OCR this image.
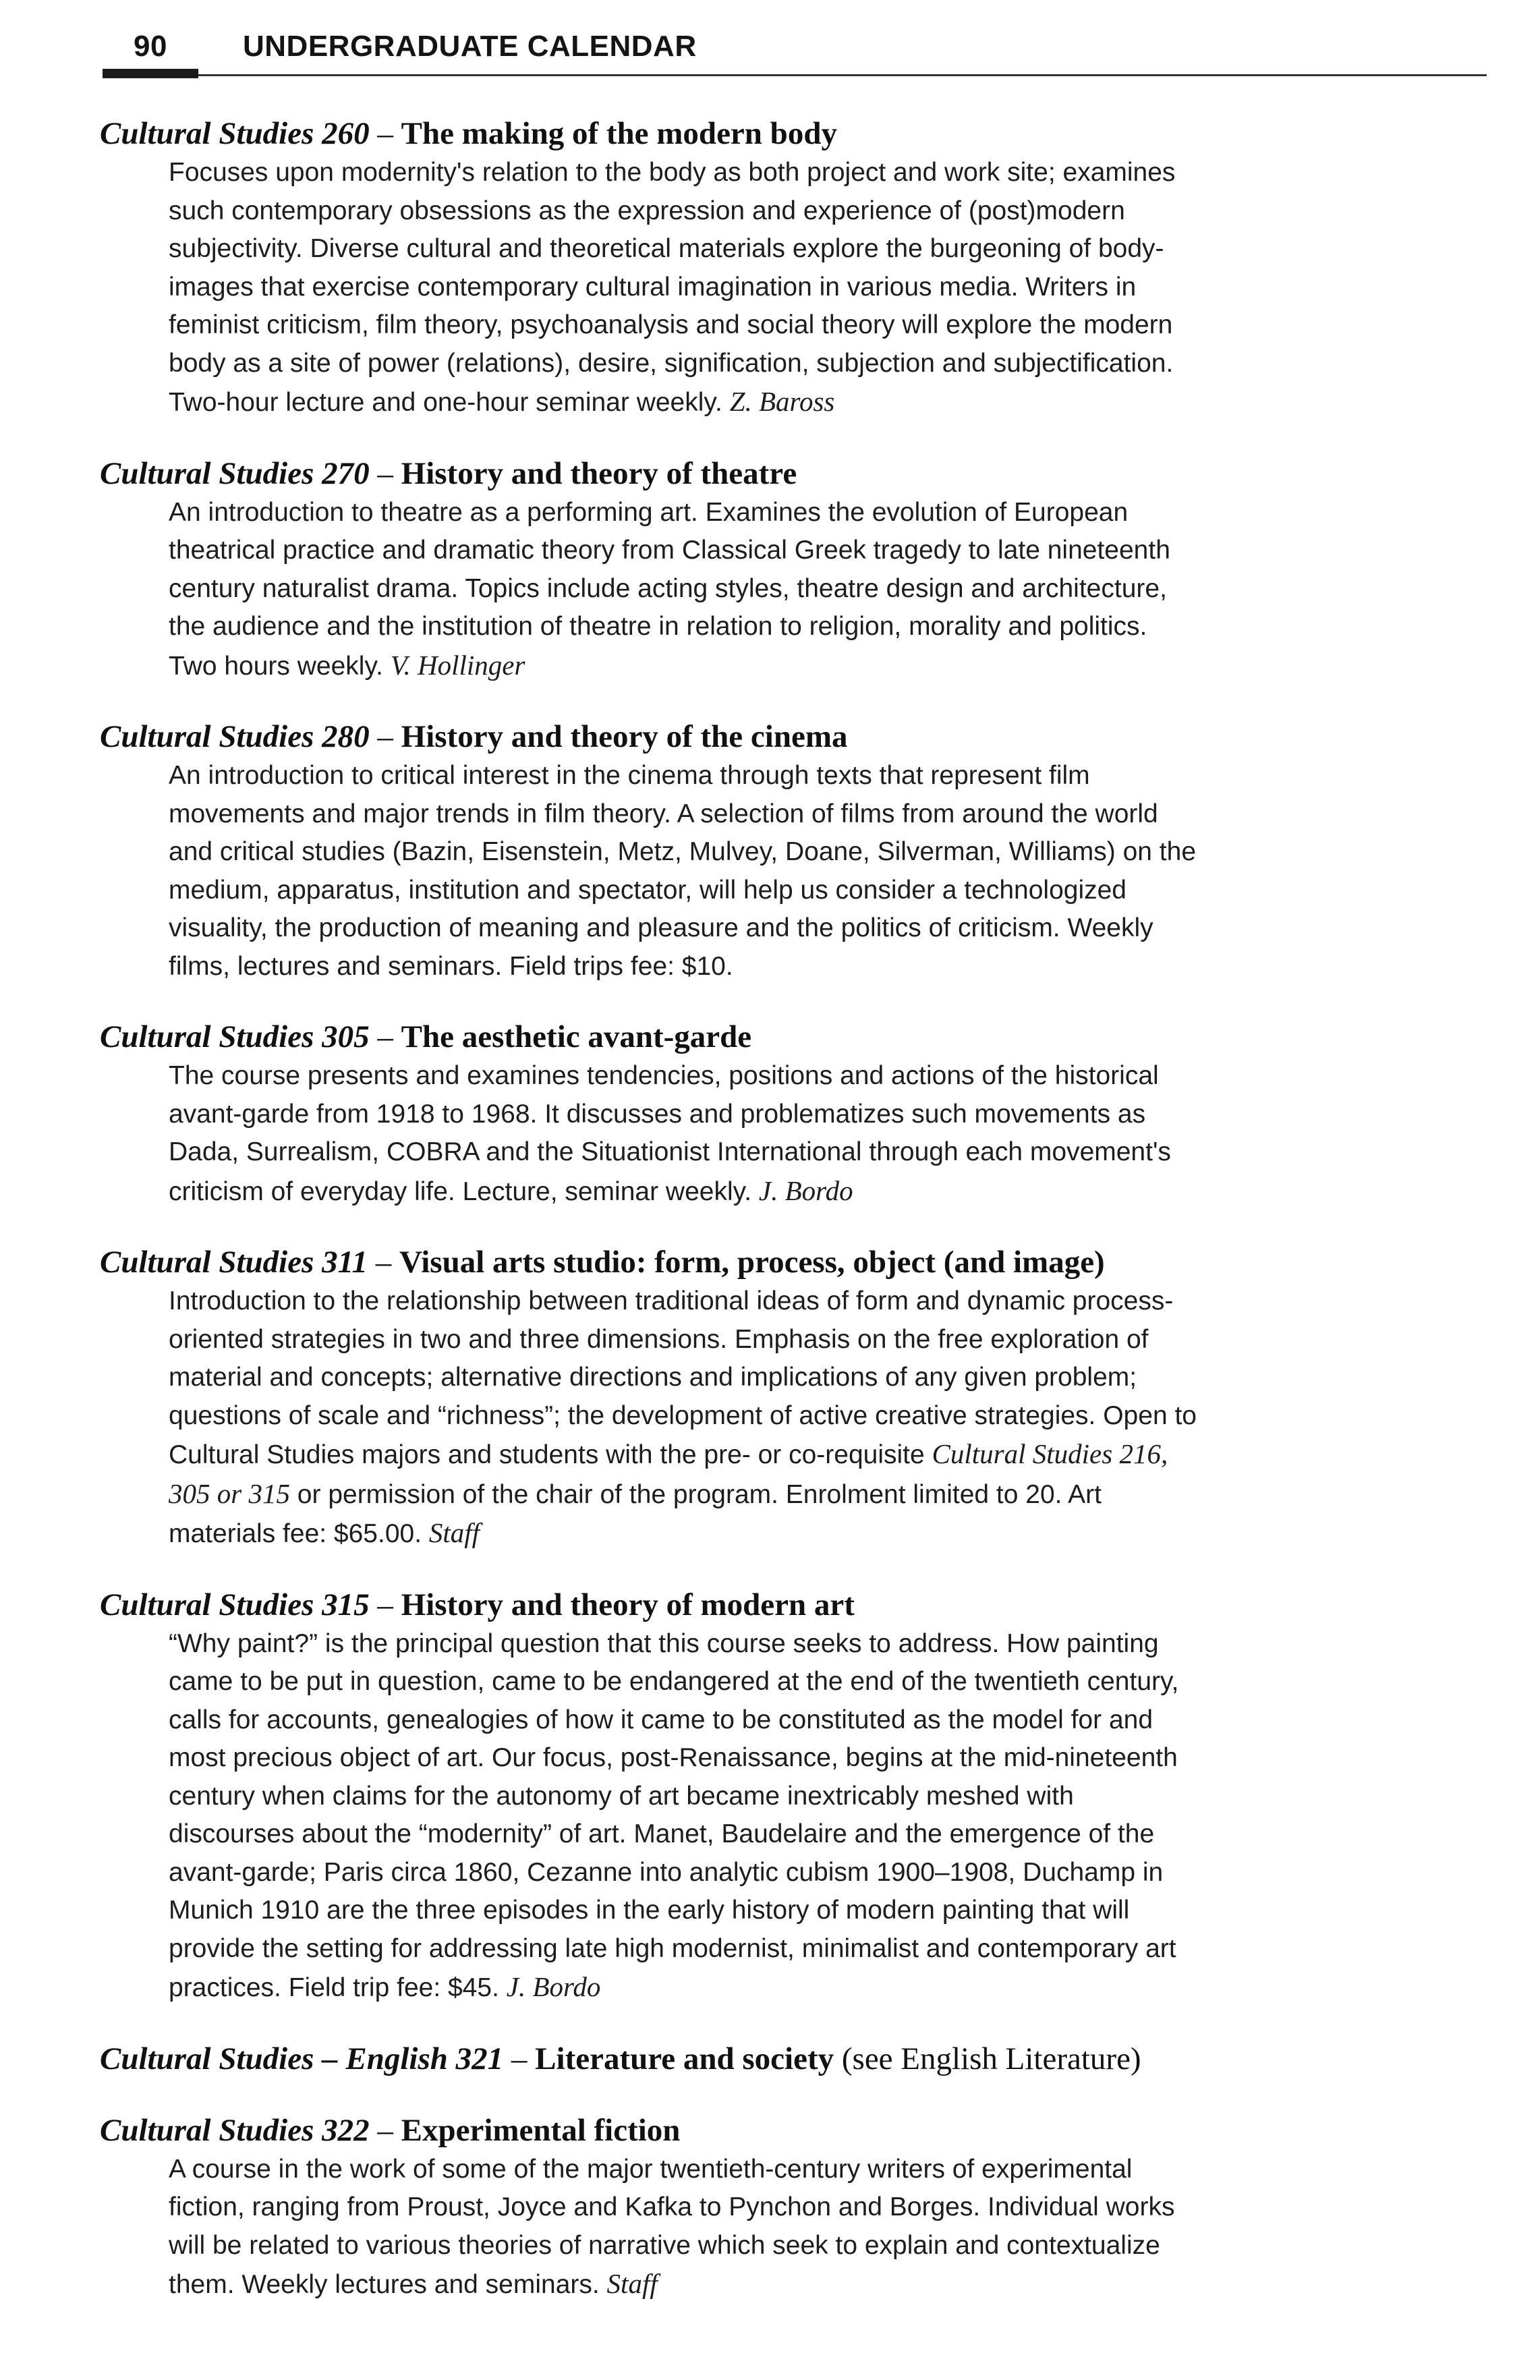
90	UNDERGRADUATE CALENDAR
Cultural Studies 260 – The making of the modern body
Focuses upon modernity's relation to the body as both project and work site; examines
such contemporary obsessions as the expression and experience of (post)modern
subjectivity. Diverse cultural and theoretical materials explore the burgeoning of body-
images that exercise contemporary cultural imagination in various media. Writers in
feminist criticism, film theory, psychoanalysis and social theory will explore the modern
body as a site of power (relations), desire, signification, subjection and subjectification.
Two-hour lecture and one-hour seminar weekly. Z. Baross
Cultural Studies 270 – History and theory of theatre
An introduction to theatre as a performing art. Examines the evolution of European
theatrical practice and dramatic theory from Classical Greek tragedy to late nineteenth
century naturalist drama. Topics include acting styles, theatre design and architecture,
the audience and the institution of theatre in relation to religion, morality and politics.
Two hours weekly. V. Hollinger
Cultural Studies 280 – History and theory of the cinema
An introduction to critical interest in the cinema through texts that represent film
movements and major trends in film theory. A selection of films from around the world
and critical studies (Bazin, Eisenstein, Metz, Mulvey, Doane, Silverman, Williams) on the
medium, apparatus, institution and spectator, will help us consider a technologized
visuality, the production of meaning and pleasure and the politics of criticism. Weekly
films, lectures and seminars. Field trips fee: $10.
Cultural Studies 305 – The aesthetic avant-garde
The course presents and examines tendencies, positions and actions of the historical
avant-garde from 1918 to 1968. It discusses and problematizes such movements as
Dada, Surrealism, COBRA and the Situationist International through each movement's
criticism of everyday life. Lecture, seminar weekly. J. Bordo
Cultural Studies 311 – Visual arts studio: form, process, object (and image)
Introduction to the relationship between traditional ideas of form and dynamic process-
oriented strategies in two and three dimensions. Emphasis on the free exploration of
material and concepts; alternative directions and implications of any given problem;
questions of scale and “richness”; the development of active creative strategies. Open to
Cultural Studies majors and students with the pre- or co-requisite Cultural Studies 216,
305 or 315 or permission of the chair of the program. Enrolment limited to 20. Art
materials fee: $65.00. Staff
Cultural Studies 315 – History and theory of modern art
“Why paint?” is the principal question that this course seeks to address. How painting
came to be put in question, came to be endangered at the end of the twentieth century,
calls for accounts, genealogies of how it came to be constituted as the model for and
most precious object of art. Our focus, post-Renaissance, begins at the mid-nineteenth
century when claims for the autonomy of art became inextricably meshed with
discourses about the “modernity” of art. Manet, Baudelaire and the emergence of the
avant-garde; Paris circa 1860, Cezanne into analytic cubism 1900–1908, Duchamp in
Munich 1910 are the three episodes in the early history of modern painting that will
provide the setting for addressing late high modernist, minimalist and contemporary art
practices. Field trip fee: $45. J. Bordo
Cultural Studies – English 321 – Literature and society (see English Literature)
Cultural Studies 322 – Experimental fiction
A course in the work of some of the major twentieth-century writers of experimental
fiction, ranging from Proust, Joyce and Kafka to Pynchon and Borges. Individual works
will be related to various theories of narrative which seek to explain and contextualize
them. Weekly lectures and seminars. Staff
